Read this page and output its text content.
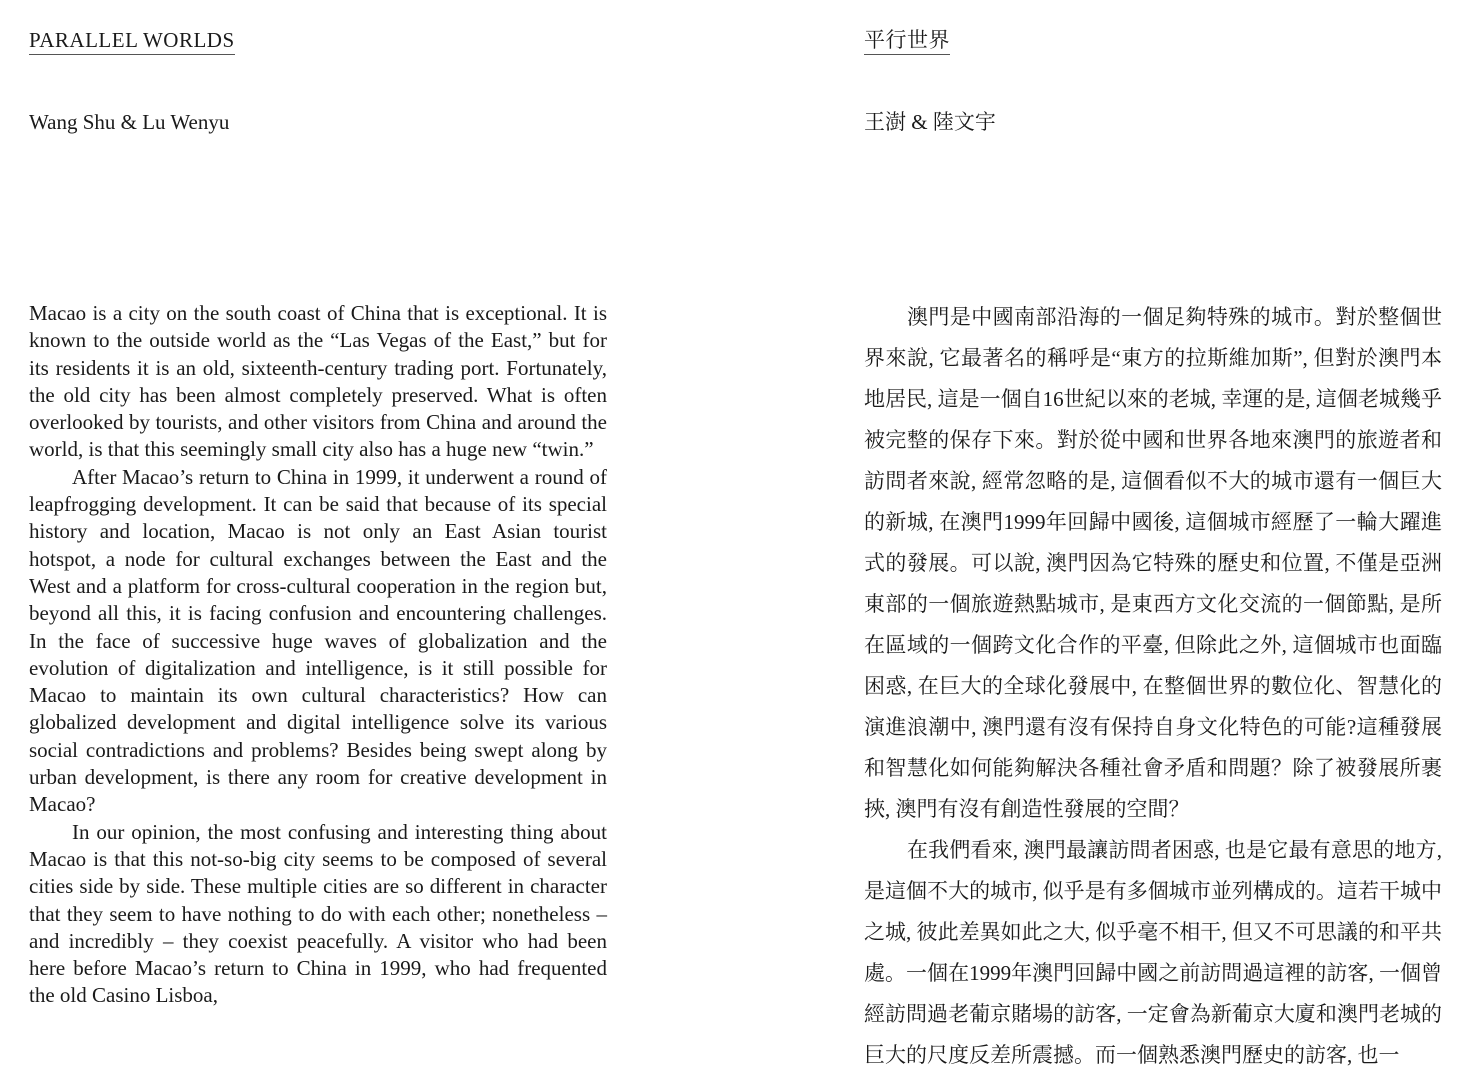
PARALLEL WORLDS
Wang Shu & Lu Wenyu

Macao is a city on the south coast of China that is exceptional. It is known to the outside world as the “Las Vegas of the East,” but for its residents it is an old, sixteenth-century trading port. Fortunately, the old city has been almost completely preserved. What is often overlooked by tourists, and other visitors from China and around the world, is that this seemingly small city also has a huge new “twin.”

After Macao’s return to China in 1999, it underwent a round of leapfrogging development. It can be said that because of its special history and location, Macao is not only an East Asian tourist hotspot, a node for cultural exchanges between the East and the West and a platform for cross-cultural cooperation in the region but, beyond all this, it is facing confusion and encountering challenges. In the face of successive huge waves of globalization and the evolution of digitalization and intelligence, is it still possible for Macao to maintain its own cultural characteristics? How can globalized development and digital intelligence solve its various social contradictions and problems? Besides being swept along by urban development, is there any room for creative development in Macao?

In our opinion, the most confusing and interesting thing about Macao is that this not-so-big city seems to be composed of several cities side by side. These multiple cities are so different in character that they seem to have nothing to do with each other; nonetheless – and incredibly – they coexist peacefully. A visitor who had been here before Macao’s return to China in 1999, who had frequented the old Casino Lisboa,

平行世界
王澍 & 陸文宇

澳門是中國南部沿海的一個足夠特殊的城市。對於整個世界來說, 它最著名的稱呼是“東方的拉斯維加斯”, 但對於澳門本地居民, 這是一個自16世紀以來的老城, 幸運的是, 這個老城幾乎被完整的保存下來。對於從中國和世界各地來澳門的旅遊者和訪問者來說, 經常忽略的是, 這個看似不大的城市還有一個巨大的新城, 在澳門1999年回歸中國後, 這個城市經歷了一輪大躍進式的發展。可以說, 澳門因為它特殊的歷史和位置, 不僅是亞洲東部的一個旅遊熱點城市, 是東西方文化交流的一個節點, 是所在區域的一個跨文化合作的平臺, 但除此之外, 這個城市也面臨困惑, 在巨大的全球化發展中, 在整個世界的數位化、智慧化的演進浪潮中, 澳門還有沒有保持自身文化特色的可能?這種發展和智慧化如何能夠解決各種社會矛盾和問題？除了被發展所裹挾, 澳門有沒有創造性發展的空間？

在我們看來, 澳門最讓訪問者困惑, 也是它最有意思的地方, 是這個不大的城市, 似乎是有多個城市並列構成的。這若干城中之城, 彼此差異如此之大, 似乎毫不相干, 但又不可思議的和平共處。一個在1999年澳門回歸中國之前訪問過這裡的訪客, 一個曾經訪問過老葡京賭場的訪客, 一定會為新葡京大廈和澳門老城的巨大的尺度反差所震撼。而一個熟悉澳門歷史的訪客, 也一
